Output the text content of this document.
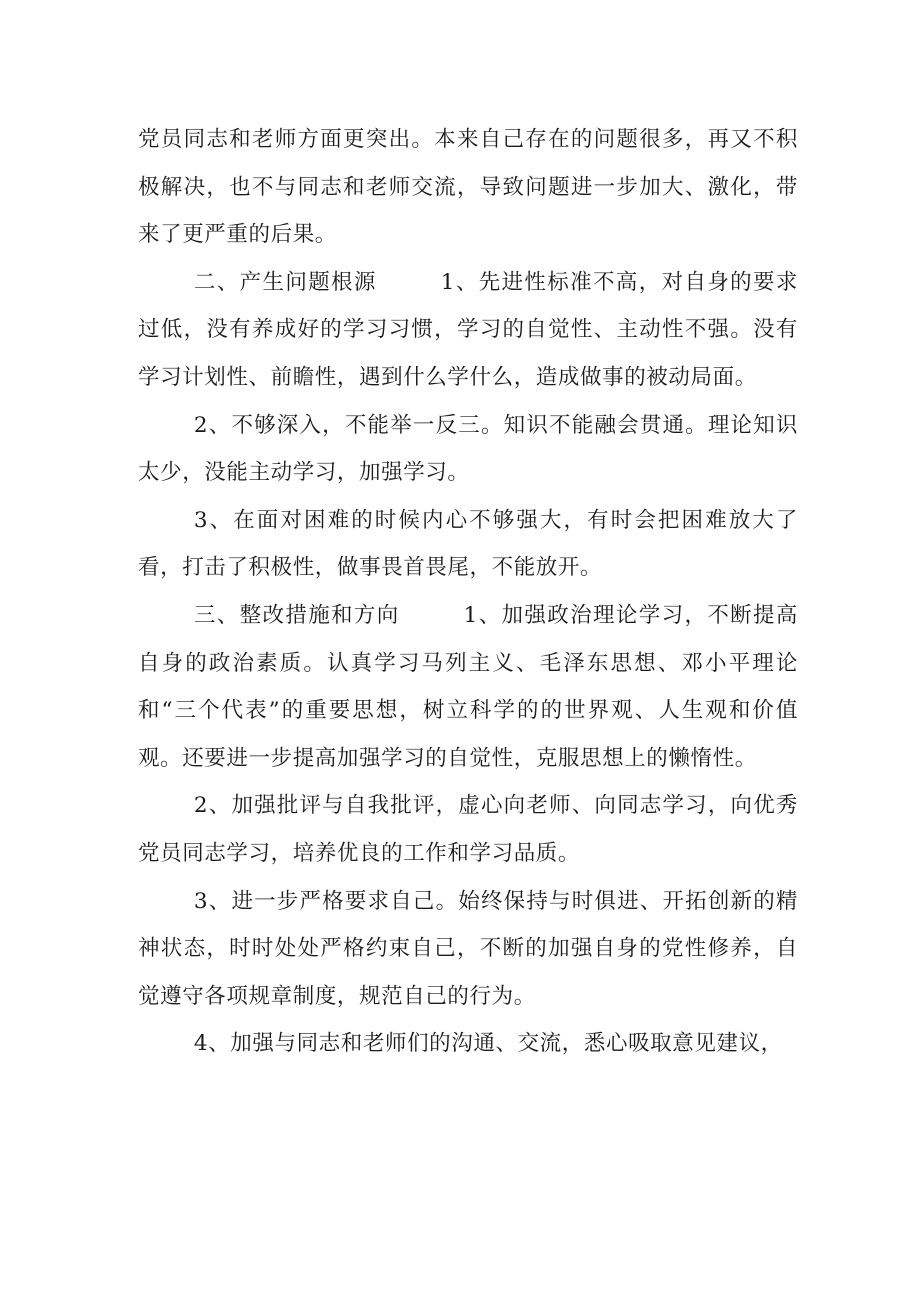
党员同志和老师方面更突出。本来自己存在的问题很多，再又不积极解决，也不与同志和老师交流，导致问题进一步加大、激化，带来了更严重的后果。

二、产生问题根源	1、先进性标准不高，对自身的要求过低，没有养成好的学习习惯，学习的自觉性、主动性不强。没有学习计划性、前瞻性，遇到什么学什么，造成做事的被动局面。

2、不够深入，不能举一反三。知识不能融会贯通。理论知识太少，没能主动学习，加强学习。

3、在面对困难的时候内心不够强大，有时会把困难放大了看，打击了积极性，做事畏首畏尾，不能放开。

三、整改措施和方向	1、加强政治理论学习，不断提高自身的政治素质。认真学习马列主义、毛泽东思想、邓小平理论和“三个代表”的重要思想，树立科学的的世界观、人生观和价值观。还要进一步提高加强学习的自觉性，克服思想上的懒惰性。

2、加强批评与自我批评，虚心向老师、向同志学习，向优秀党员同志学习，培养优良的工作和学习品质。

3、进一步严格要求自己。始终保持与时俱进、开拓创新的精神状态，时时处处严格约束自己，不断的加强自身的党性修养，自觉遵守各项规章制度，规范自己的行为。

4、加强与同志和老师们的沟通、交流，悉心吸取意见建议，
